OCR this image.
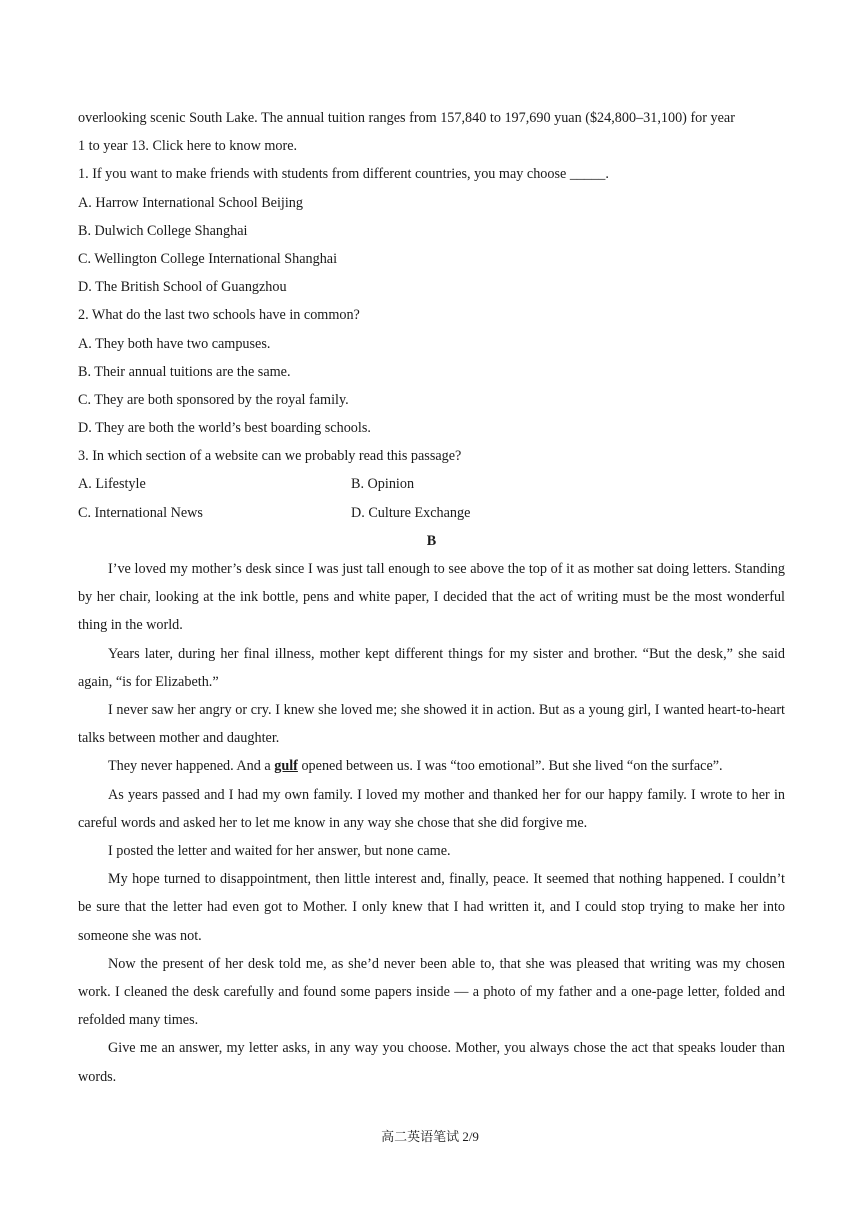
overlooking scenic South Lake. The annual tuition ranges from 157,840 to 197,690 yuan ($24,800–31,100) for year
1 to year 13. Click here to know more.
1. If you want to make friends with students from different countries, you may choose _____.
A. Harrow International School Beijing
B. Dulwich College Shanghai
C. Wellington College International Shanghai
D. The British School of Guangzhou
2. What do the last two schools have in common?
A. They both have two campuses.
B. Their annual tuitions are the same.
C. They are both sponsored by the royal family.
D. They are both the world’s best boarding schools.
3. In which section of a website can we probably read this passage?
A. Lifestyle	B. Opinion
C. International News	D. Culture Exchange
B

I’ve loved my mother’s desk since I was just tall enough to see above the top of it as mother sat doing letters. Standing by her chair, looking at the ink bottle, pens and white paper, I decided that the act of writing must be the most wonderful thing in the world.

Years later, during her final illness, mother kept different things for my sister and brother. “But the desk,” she said again, “is for Elizabeth.”

I never saw her angry or cry. I knew she loved me; she showed it in action. But as a young girl, I wanted heart-to-heart talks between mother and daughter.

They never happened. And a gulf opened between us. I was “too emotional”. But she lived “on the surface”.

As years passed and I had my own family. I loved my mother and thanked her for our happy family. I wrote to her in careful words and asked her to let me know in any way she chose that she did forgive me.

I posted the letter and waited for her answer, but none came.

My hope turned to disappointment, then little interest and, finally, peace. It seemed that nothing happened. I couldn’t be sure that the letter had even got to Mother. I only knew that I had written it, and I could stop trying to make her into someone she was not.

Now the present of her desk told me, as she’d never been able to, that she was pleased that writing was my chosen work. I cleaned the desk carefully and found some papers inside — a photo of my father and a one-page letter, folded and refolded many times.

Give me an answer, my letter asks, in any way you choose. Mother, you always chose the act that speaks louder than words.

高二英语笔试 2/9
